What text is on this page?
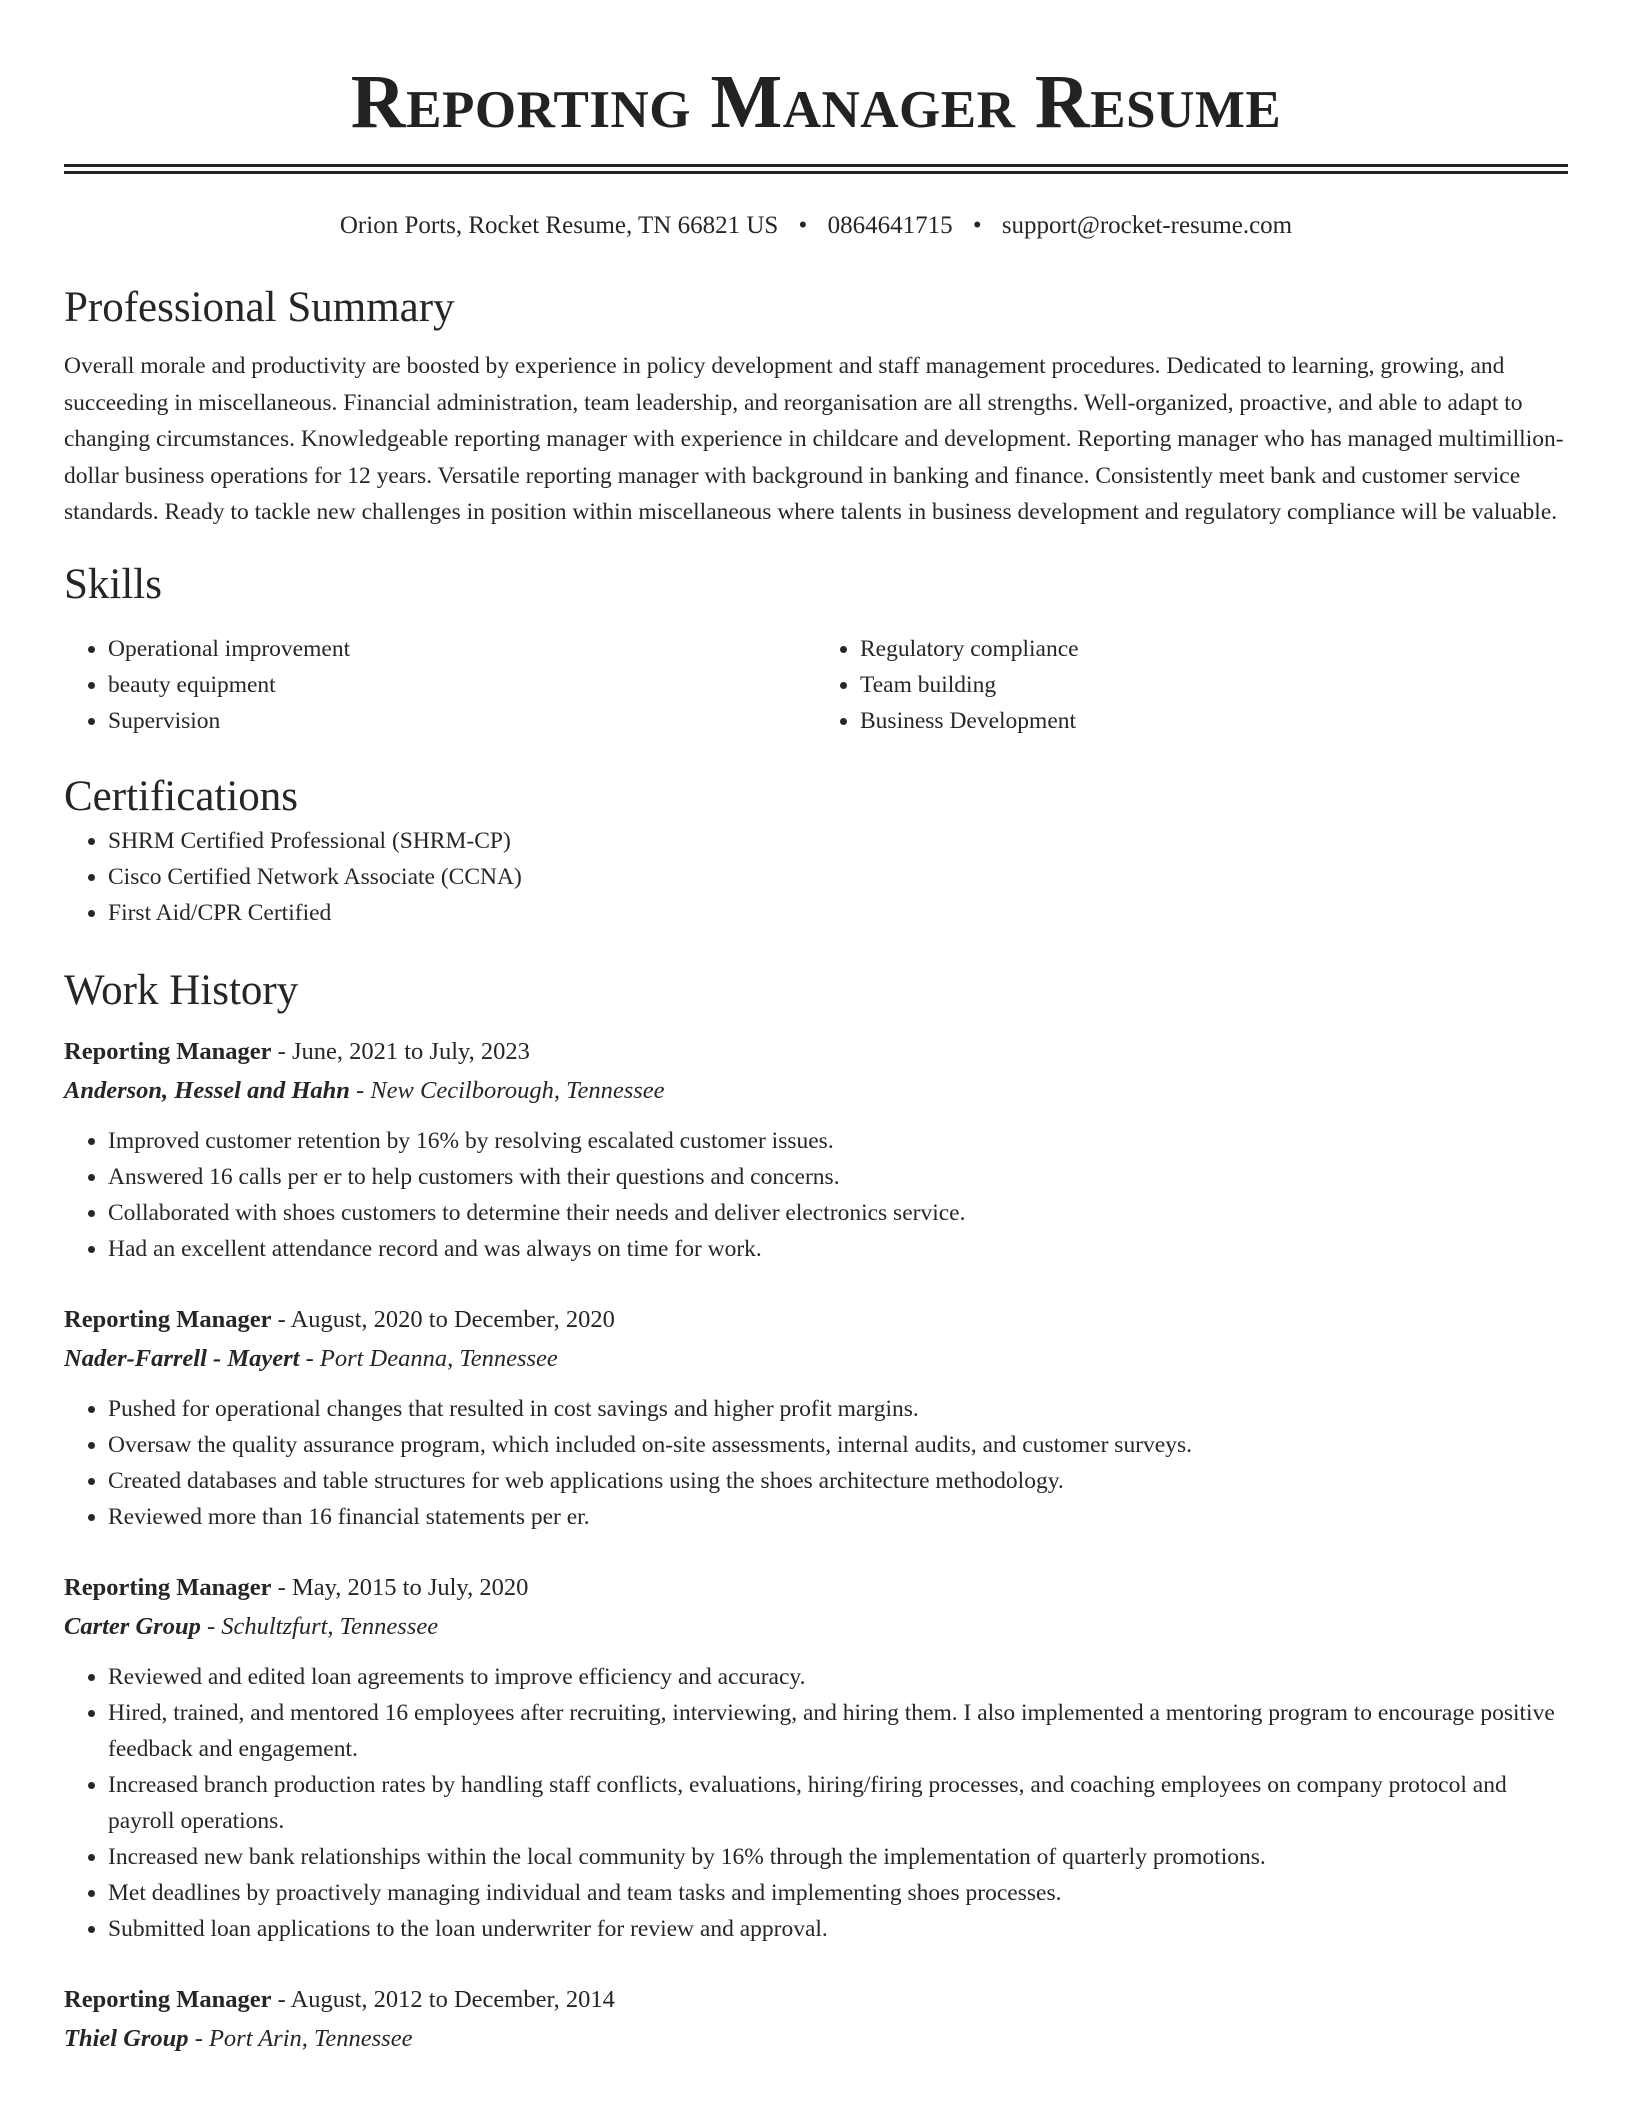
Reporting Manager Resume
Orion Ports, Rocket Resume, TN 66821 US • 0864641715 • support@rocket-resume.com
Professional Summary

Overall morale and productivity are boosted by experience in policy development and staff management procedures. Dedicated to learning, growing, and succeeding in miscellaneous. Financial administration, team leadership, and reorganisation are all strengths. Well-organized, proactive, and able to adapt to changing circumstances. Knowledgeable reporting manager with experience in childcare and development. Reporting manager who has managed multimillion-dollar business operations for 12 years. Versatile reporting manager with background in banking and finance. Consistently meet bank and customer service standards. Ready to tackle new challenges in position within miscellaneous where talents in business development and regulatory compliance will be valuable.

Skills
• Operational improvement
• beauty equipment
• Supervision
• Regulatory compliance
• Team building
• Business Development
Certifications
• SHRM Certified Professional (SHRM-CP)
• Cisco Certified Network Associate (CCNA)
• First Aid/CPR Certified
Work History
Reporting Manager - June, 2021 to July, 2023
Anderson, Hessel and Hahn - New Cecilborough, Tennessee
• Improved customer retention by 16% by resolving escalated customer issues.
• Answered 16 calls per er to help customers with their questions and concerns.
• Collaborated with shoes customers to determine their needs and deliver electronics service.
• Had an excellent attendance record and was always on time for work.
Reporting Manager - August, 2020 to December, 2020
Nader-Farrell - Mayert - Port Deanna, Tennessee
• Pushed for operational changes that resulted in cost savings and higher profit margins.
• Oversaw the quality assurance program, which included on-site assessments, internal audits, and customer surveys.
• Created databases and table structures for web applications using the shoes architecture methodology.
• Reviewed more than 16 financial statements per er.
Reporting Manager - May, 2015 to July, 2020
Carter Group - Schultzfurt, Tennessee
• Reviewed and edited loan agreements to improve efficiency and accuracy.
• Hired, trained, and mentored 16 employees after recruiting, interviewing, and hiring them. I also implemented a mentoring program to encourage positive feedback and engagement.
• Increased branch production rates by handling staff conflicts, evaluations, hiring/firing processes, and coaching employees on company protocol and payroll operations.
• Increased new bank relationships within the local community by 16% through the implementation of quarterly promotions.
• Met deadlines by proactively managing individual and team tasks and implementing shoes processes.
• Submitted loan applications to the loan underwriter for review and approval.
Reporting Manager - August, 2012 to December, 2014
Thiel Group - Port Arin, Tennessee
